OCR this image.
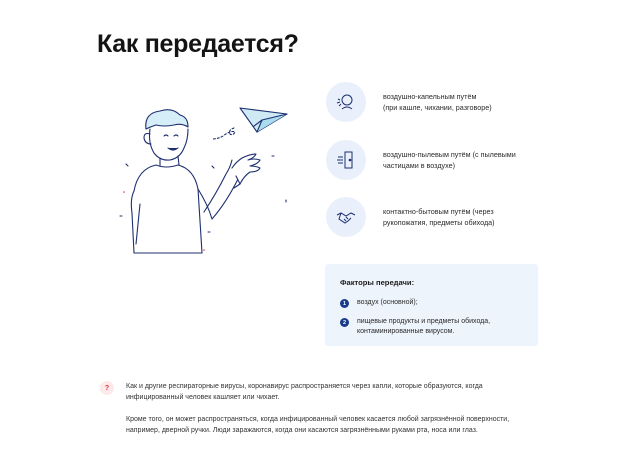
Как передается?
воздушно-капельным путём
(при кашле, чихании, разговоре)
воздушно-пылевым путём (с пылевыми
частицами в воздухе)
контактно-бытовым путём (через
рукопожатия, предметы обихода)
Факторы передачи:
1	воздух (основной);
2	пищевые продукты и предметы обихода,
контаминированные вирусом.
?	Как и другие респираторные вирусы, коронавирус распространяется через капли, которые образуются, когда
инфицированный человек кашляет или чихает.
Кроме того, он может распространяться, когда инфицированный человек касается любой загрязнённой поверхности,
например, дверной ручки. Люди заражаются, когда они касаются загрязнёнными руками рта, носа или глаз.
